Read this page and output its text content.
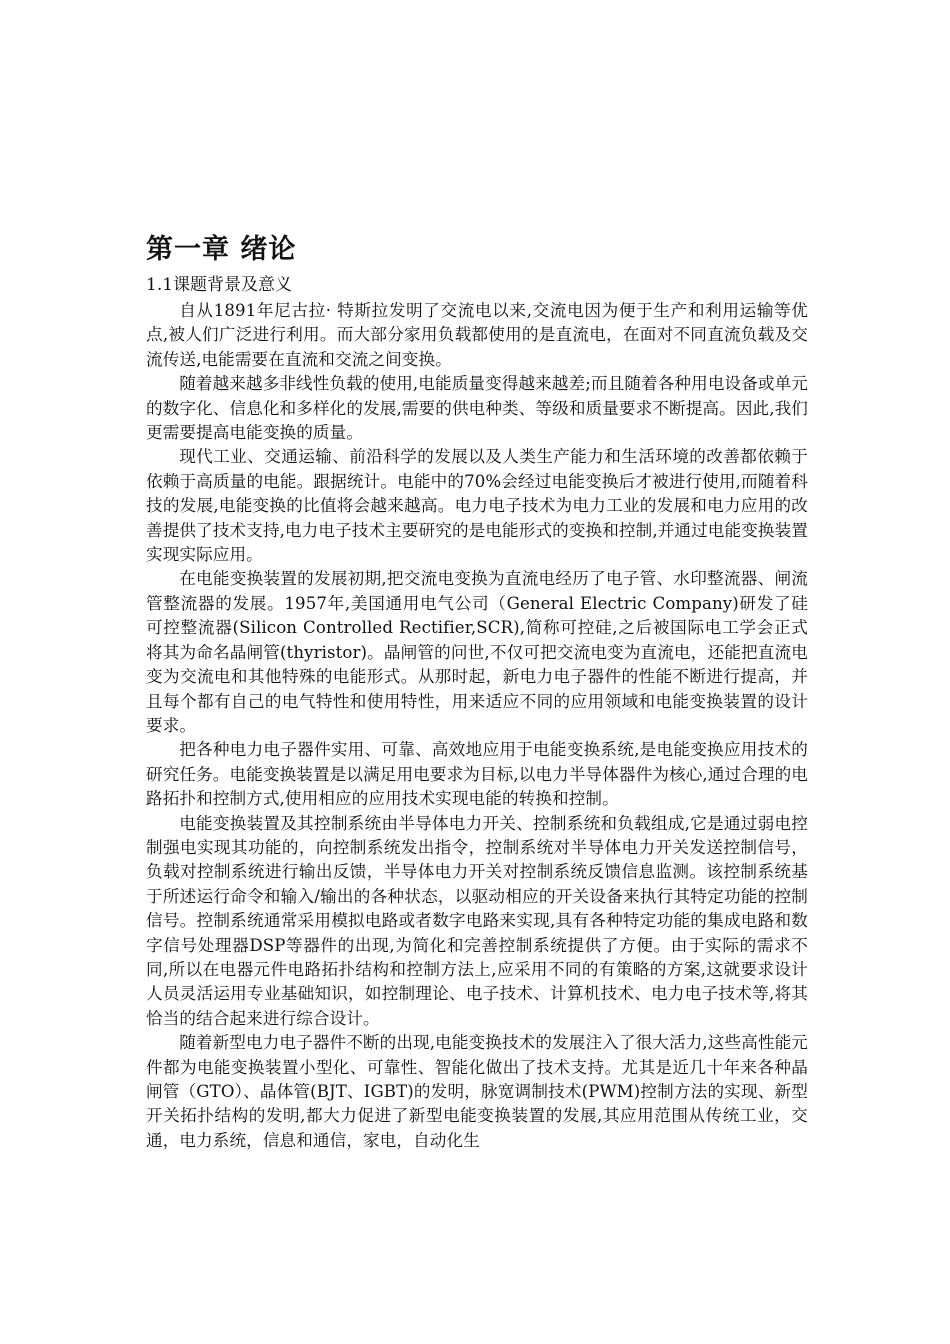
第一章 绪论
1.1课题背景及意义

自从1891年尼古拉· 特斯拉发明了交流电以来,交流电因为便于生产和利用运输等优点,被人们广泛进行利用。而大部分家用负载都使用的是直流电，在面对不同直流负载及交流传送,电能需要在直流和交流之间变换。

随着越来越多非线性负载的使用,电能质量变得越来越差;而且随着各种用电设备或单元的数字化、信息化和多样化的发展,需要的供电种类、等级和质量要求不断提高。因此,我们更需要提高电能变换的质量。

现代工业、交通运输、前沿科学的发展以及人类生产能力和生活环境的改善都依赖于依赖于高质量的电能。跟据统计。电能中的70%会经过电能变换后才被进行使用,而随着科技的发展,电能变换的比值将会越来越高。电力电子技术为电力工业的发展和电力应用的改善提供了技术支持,电力电子技术主要研究的是电能形式的变换和控制,并通过电能变换装置实现实际应用。

在电能变换装置的发展初期,把交流电变换为直流电经历了电子管、水印整流器、闸流管整流器的发展。1957年,美国通用电气公司（General Electric Company)研发了硅可控整流器(Silicon Controlled Rectifier,SCR),简称可控硅,之后被国际电工学会正式将其为命名晶闸管(thyristor)。晶闸管的问世,不仅可把交流电变为直流电，还能把直流电变为交流电和其他特殊的电能形式。从那时起，新电力电子器件的性能不断进行提高，并且每个都有自己的电气特性和使用特性，用来适应不同的应用领域和电能变换装置的设计要求。

把各种电力电子器件实用、可靠、高效地应用于电能变换系统,是电能变换应用技术的研究任务。电能变换装置是以满足用电要求为目标,以电力半导体器件为核心,通过合理的电路拓扑和控制方式,使用相应的应用技术实现电能的转换和控制。

电能变换装置及其控制系统由半导体电力开关、控制系统和负载组成,它是通过弱电控制强电实现其功能的，向控制系统发出指令，控制系统对半导体电力开关发送控制信号，负载对控制系统进行输出反馈，半导体电力开关对控制系统反馈信息监测。该控制系统基于所述运行命令和输入/输出的各种状态，以驱动相应的开关设备来执行其特定功能的控制信号。控制系统通常采用模拟电路或者数字电路来实现,具有各种特定功能的集成电路和数字信号处理器DSP等器件的出现,为简化和完善控制系统提供了方便。由于实际的需求不同,所以在电器元件电路拓扑结构和控制方法上,应采用不同的有策略的方案,这就要求设计人员灵活运用专业基础知识，如控制理论、电子技术、计算机技术、电力电子技术等,将其恰当的结合起来进行综合设计。

随着新型电力电子器件不断的出现,电能变换技术的发展注入了很大活力,这些高性能元件都为电能变换装置小型化、可靠性、智能化做出了技术支持。尤其是近几十年来各种晶闸管（GTO）、晶体管(BJT、IGBT)的发明，脉宽调制技术(PWM)控制方法的实现、新型开关拓扑结构的发明,都大力促进了新型电能变换装置的发展,其应用范围从传统工业，交通，电力系统，信息和通信，家电，自动化生
